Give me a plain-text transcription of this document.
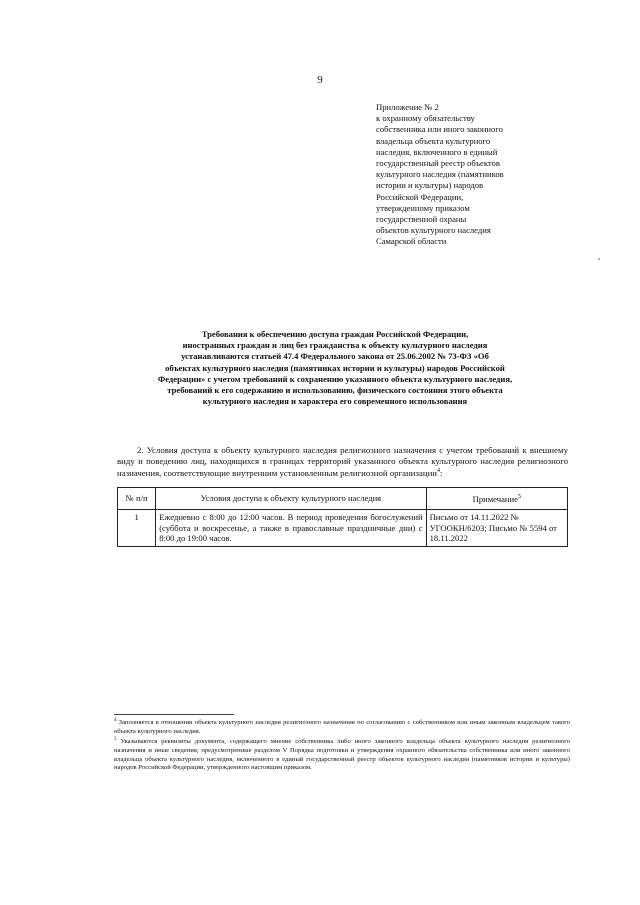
9
Приложение № 2
к охранному обязательству
собственника или иного законного
владельца объекта культурного
наследия, включенного в единый
государственный реестр объектов
культурного наследия (памятников
истории и культуры) народов
Российской Федерации,
утвержденному приказом
государственной охраны
объектов культурного наследия
Самарской области
Требования к обеспечению доступа граждан Российской Федерации,
иностранных граждан и лиц без гражданства к объекту культурного наследия
устанавливаются статьей 47.4 Федерального закона от 25.06.2002 № 73-ФЗ «Об
объектах культурного наследия (памятниках истории и культуры) народов Российской
Федерации» с учетом требований к сохранению указанного объекта культурного наследия,
требований к его содержанию и использованию, физического состояния этого объекта
культурного наследия и характера его современного использования

2. Условия доступа к объекту культурного наследия религиозного назначения с учетом требований к внешнему виду и поведению лиц, находящихся в границах территорий указанного объекта культурного наследия религиозного назначения, соответствующие внутренним установленным религиозной организации$^4$:

№ п/п	Условия доступа к объекту культурного наследия	Примечание$^5$
1	Ежедневно с 8:00 до 12:00 часов. В период проведения богослужений (суббота и воскресенье, а также в православные праздничные дни) с 8:00 до 19:00 часов.	Письмо от 14.11.2022 № УГООКН/6203; Письмо № 5594 от 18.11.2022

$^4$ Заполняется в отношении объекта культурного наследия религиозного назначения по согласованию с собственником или иным законным владельцем такого объекта культурного наследия.

$^5$ Указываются реквизиты документа, содержащего мнение собственника либо иного законного владельца объекта культурного наследия религиозного назначения и иные сведения, предусмотренные разделом V Порядка подготовки и утверждения охранного обязательства собственника или иного законного владельца объекта культурного наследия, включенного в единый государственный реестр объектов культурного наследия (памятников истории и культуры) народов Российской Федерации, утвержденного настоящим приказом.
